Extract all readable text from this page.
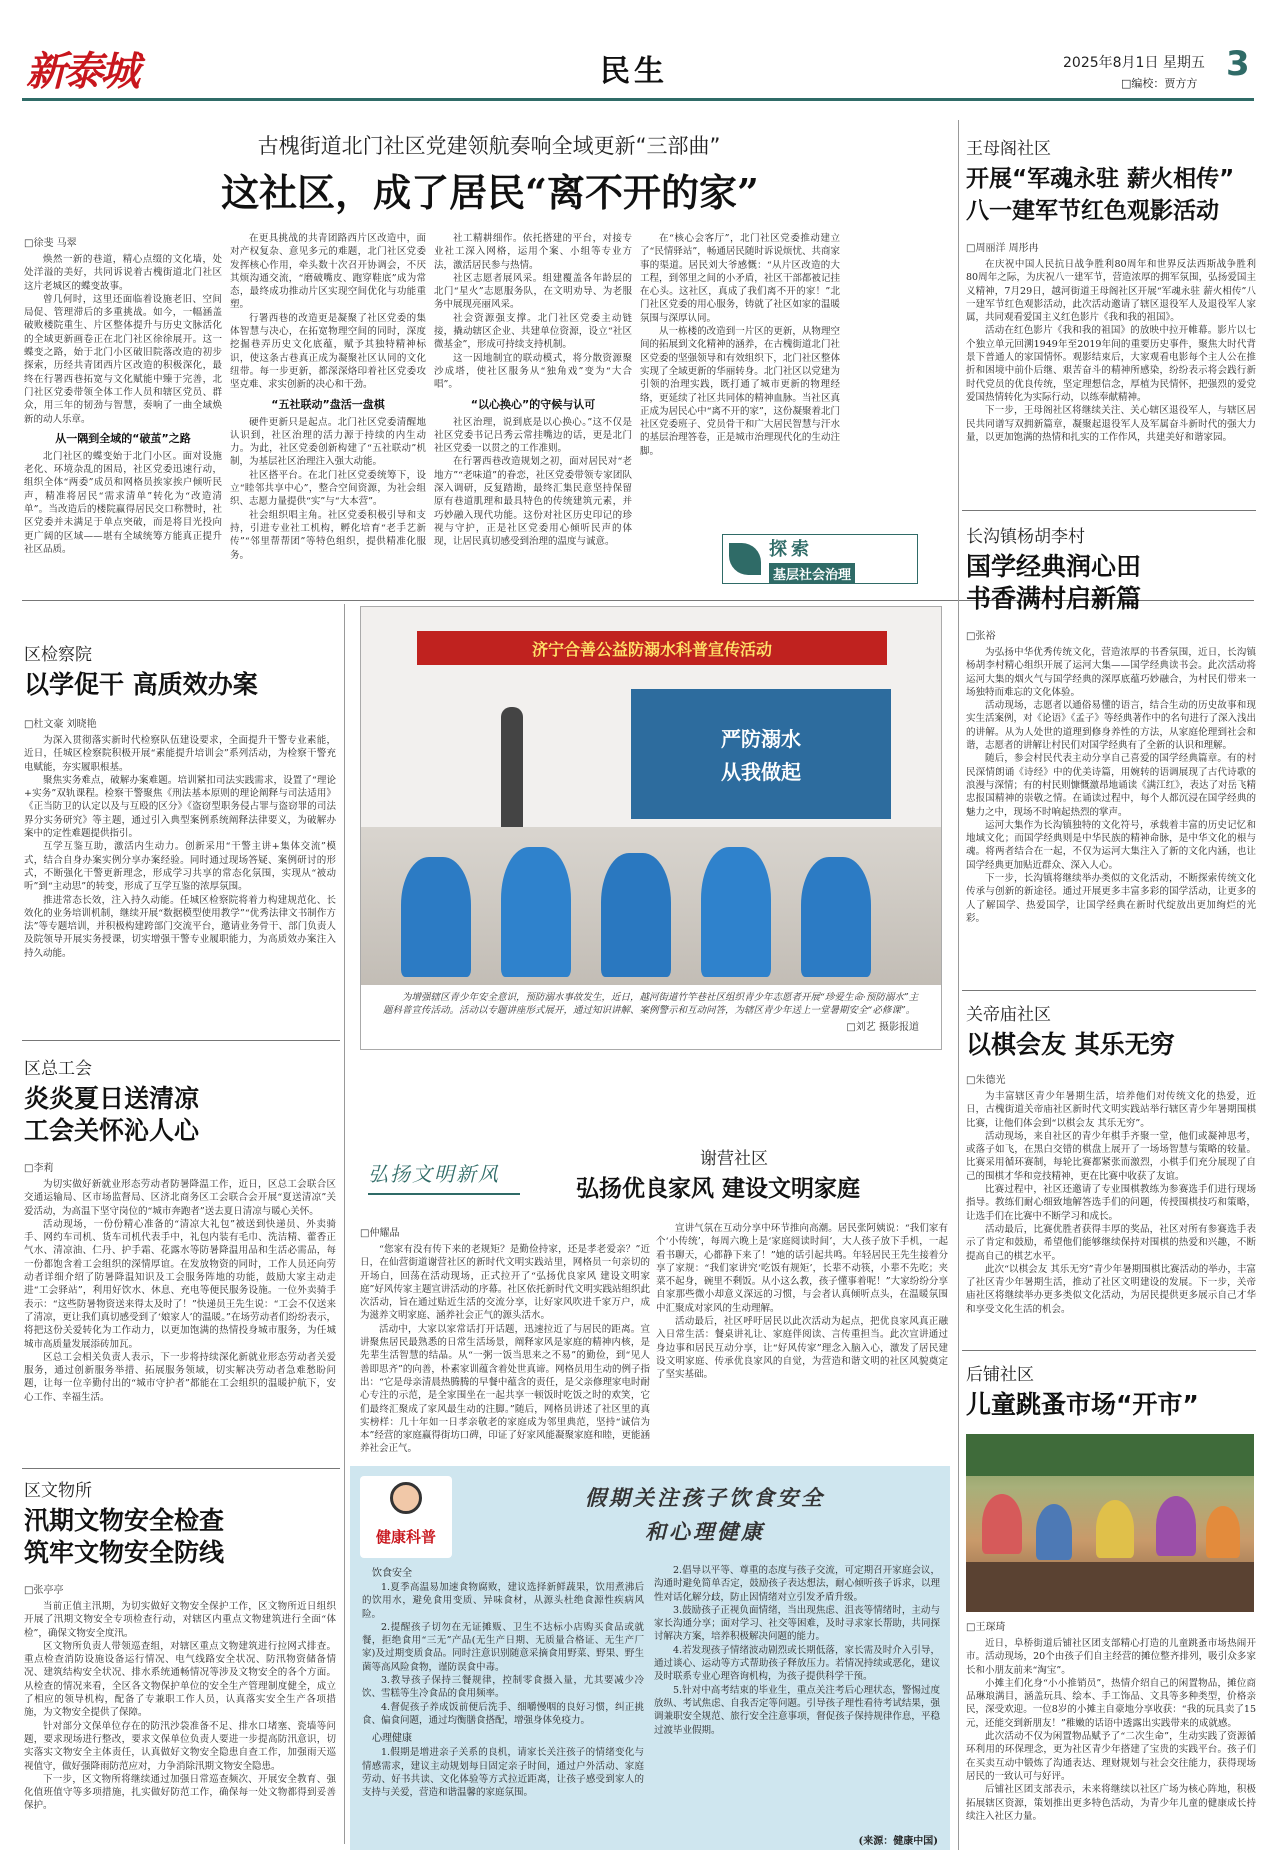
新泰城	民生	2025年8月1日 星期五 3
□编校：贾方方
古槐街道北门社区党建领航奏响全域更新“三部曲”
这社区，成了居民“离不开的家”
□徐斐 马翠

焕然一新的巷道，精心点缀的文化墙，处处洋溢的美好，共同诉说着古槐街道北门社区这片老城区的蝶变故事。

曾几何时，这里还面临着设施老旧、空间局促、管理滞后的多重挑战。如今，一幅涵盖破败楼院重生、片区整体提升与历史文脉活化的全域更新画卷正在北门社区徐徐展开。这一蝶变之路，始于北门小区破旧院落改造的初步探索，历经共青团西片区改造的积极深化，最终在行署西巷拓宽与文化赋能中臻于完善，北门社区党委带领全体工作人员和辖区党员、群众，用三年的韧劲与智慧，奏响了一曲全域焕新的动人乐章。

从一隅到全域的“破茧”之路

北门社区的蝶变始于北门小区。面对设施老化、环境杂乱的困局，社区党委迅速行动，组织全体“两委”成员和网格员挨家挨户倾听民声，精准将居民“需求清单”转化为“改造清单”。当改造后的楼院赢得居民交口称赞时，社区党委并未满足于单点突破，而是将目光投向更广阔的区域——堪有全域统筹方能真正提升社区品质。

在更具挑战的共青团路西片区改造中，面对产权复杂、意见多元的难题，北门社区党委发挥核心作用，牵头数十次召开协调会，不厌其烦沟通交流，“磨破嘴皮、跑穿鞋底”成为常态，最终成功推动片区实现空间优化与功能重塑。

行署西巷的改造更是凝聚了社区党委的集体智慧与决心，在拓宽物理空间的同时，深度挖掘巷弄历史文化底蕴，赋予其独特精神标识，使这条古巷真正成为凝聚社区认同的文化纽带。每一步更新，都深深烙印着社区党委攻坚克难、求实创新的决心和干劲。

“五社联动”盘活一盘棋

硬件更新只是起点。北门社区党委清醒地认识到，社区治理的活力源于持续的内生动力。为此，社区党委创新构建了“五社联动”机制，为基层社区治理注入强大动能。

社区搭平台。在北门社区党委统筹下，设立“睦邻共享中心”，整合空间资源，为社会组织、志愿力量提供“实”与“大本营”。

社会组织唱主角。社区党委积极引导和支持，引进专业社工机构，孵化培育“老手艺新传”“邻里帮帮团”等特色组织，提供精准化服务。

社工精耕细作。依托搭建的平台，对接专业社工深入网格，运用个案、小组等专业方法，激活居民参与热情。

社区志愿者展风采。组建覆盖各年龄层的北门“星火”志愿服务队，在文明劝导、为老服务中展现亮丽风采。

社会资源强支撑。北门社区党委主动链接，撬动辖区企业、共建单位资源，设立“社区微基金”，形成可持续支持机制。

这一因地制宜的联动模式，将分散资源聚沙成塔，使社区服务从“独角戏”变为“大合唱”。

“以心换心”的守候与认可

社区治理，说到底是以心换心。”这不仅是社区党委书记吕秀云常挂嘴边的话，更是北门社区党委一以贯之的工作准则。

在行署西巷改造规划之初，面对居民对“老地方”“老味道”的眷恋，社区党委带领专家团队深入调研，反复踏勘，最终汇集民意坚持保留原有巷道肌理和最具特色的传统建筑元素，并巧妙融入现代功能。这份对社区历史印记的珍视与守护，正是社区党委用心倾听民声的体现，让居民真切感受到治理的温度与诚意。

在“核心会客厅”，北门社区党委推动建立了“民情驿站”，畅通居民随时诉说烦忧、共商家事的渠道。居民刘大爷感慨：“从片区改造的大工程，到邻里之间的小矛盾，社区干部都被记挂在心头。这社区，真成了我们离不开的家！”北门社区党委的用心服务，铸就了社区如家的温暖氛围与深厚认同。

从一栋楼的改造到一片区的更新，从物理空间的拓展到文化精神的涵养，在古槐街道北门社区党委的坚强领导和有效组织下，北门社区整体实现了全域更新的华丽转身。北门社区以党建为引领的治理实践，既打通了城市更新的物理经络，更延续了社区共同体的精神血脉。当社区真正成为居民心中“离不开的家”，这份凝聚着北门社区党委班子、党员骨干和广大居民智慧与汗水的基层治理答卷，正是城市治理现代化的生动注脚。

探索
基层社会治理
王母阁社区
开展“军魂永驻 薪火相传”
八一建军节红色观影活动
□周丽洋 周彤冉

在庆祝中国人民抗日战争胜利80周年和世界反法西斯战争胜利80周年之际，为庆祝八一建军节，营造浓厚的拥军氛围，弘扬爱国主义精神，7月29日，越河街道王母阁社区开展“军魂永驻 薪火相传”八一建军节红色观影活动，此次活动邀请了辖区退役军人及退役军人家属，共同观看爱国主义红色影片《我和我的祖国》。

活动在红色影片《我和我的祖国》的放映中拉开帷幕。影片以七个独立单元回溯1949年至2019年间的重要历史事件，聚焦大时代背景下普通人的家国情怀。观影结束后，大家观看电影每个主人公在推折和困境中前仆后继、艰苦奋斗的精神所感染，纷纷表示将会践行新时代党员的优良传统，坚定理想信念，厚植为民情怀，把强烈的爱党爱国热情转化为实际行动，以练奉献精神。

下一步，王母阁社区将继续关注、关心辖区退役军人，与辖区居民共同谱写双拥新篇章，凝聚起退役军人及军属奋斗新时代的强大力量，以更加饱满的热情和扎实的工作作风，共建美好和谐家园。

长沟镇杨胡李村
国学经典润心田
书香满村启新篇
□张裕

为弘扬中华优秀传统文化，营造浓厚的书香氛围，近日，长沟镇杨胡李村精心组织开展了运河大集——国学经典读书会。此次活动将运河大集的烟火气与国学经典的深厚底蕴巧妙融合，为村民们带来一场独特而难忘的文化体验。

活动现场，志愿者以通俗易懂的语言，结合生动的历史故事和现实生活案例，对《论语》《孟子》等经典著作中的名句进行了深入浅出的讲解。从为人处世的道理到修身养性的方法，从家庭伦理到社会和谐，志愿者的讲解让村民们对国学经典有了全新的认识和理解。

随后，参会村民代表主动分享自己喜爱的国学经典篇章。有的村民深情朗诵《诗经》中的优美诗篇，用婉转的语调展现了古代诗歌的浪漫与深情；有的村民则慷慨激昂地诵读《满江红》，表达了对岳飞精忠报国精神的崇敬之情。在诵读过程中，每个人都沉浸在国学经典的魅力之中，现场不时响起热烈的掌声。

运河大集作为长沟镇独特的文化符号，承载着丰富的历史记忆和地域文化；而国学经典则是中华民族的精神命脉，是中华文化的根与魂。将两者结合在一起，不仅为运河大集注入了新的文化内涵，也让国学经典更加贴近群众、深入人心。

下一步，长沟镇将继续举办类似的文化活动，不断探索传统文化传承与创新的新途径。通过开展更多丰富多彩的国学活动，让更多的人了解国学、热爱国学，让国学经典在新时代绽放出更加绚烂的光彩。

关帝庙社区
以棋会友 其乐无穷
□朱德光

为丰富辖区青少年暑期生活，培养他们对传统文化的热爱，近日，古槐街道关帝庙社区新时代文明实践站举行辖区青少年暑期围棋比赛，让他们体会到“以棋会友 其乐无穷”。

活动现场，来自社区的青少年棋手齐聚一堂，他们或凝神思考，或落子如飞，在黑白交错的棋盘上展开了一场场智慧与策略的较量。比赛采用循环赛制，每轮比赛都紧张而激烈，小棋手们充分展现了自己的围棋才华和竞技精神，更在比赛中收获了友谊。

比赛过程中，社区还邀请了专业围棋教练为参赛选手们进行现场指导。教练们耐心细致地解答选手们的问题，传授围棋技巧和策略，让选手们在比赛中不断学习和成长。

活动最后，比赛优胜者获得丰厚的奖品，社区对所有参赛选手表示了肯定和鼓励，希望他们能够继续保持对围棋的热爱和兴趣，不断提高自己的棋艺水平。

此次“以棋会友 其乐无穷”青少年暑期围棋比赛活动的举办，丰富了社区青少年暑期生活，推动了社区文明建设的发展。下一步，关帝庙社区将继续举办更多类似文化活动，为居民提供更多展示自己才华和享受文化生活的机会。

后铺社区
儿童跳蚤市场“开市”
□王琛琦

近日，阜桥街道后铺社区团支部精心打造的儿童跳蚤市场热闹开市。活动现场，20个由孩子们自主经营的摊位整齐排列，吸引众多家长和小朋友前来“淘宝”。

小摊主们化身“小小推销员”，热情介绍自己的闲置物品，摊位商品琳琅满目，涵盖玩具、绘本、手工饰品、文具等多种类型，价格亲民，深受欢迎。一位8岁的小摊主自豪地分享收获：“我的玩具卖了15元，还能交到新朋友！”稚嫩的话语中透露出实践带来的成就感。

此次活动不仅为闲置物品赋予了“二次生命”，生动实践了资源循环利用的环保理念，更为社区青少年搭建了宝贵的实践平台。孩子们在买卖互动中锻炼了沟通表达、理财规划与社会交往能力，获得现场居民的一致认可与好评。

后铺社区团支部表示，未来将继续以社区广场为核心阵地，积极拓展辖区资源，策划推出更多特色活动，为青少年儿童的健康成长持续注入社区力量。

区检察院
以学促干 高质效办案
□杜文豪 刘晓艳

为深入贯彻落实新时代检察队伍建设要求，全面提升干警专业素能，近日，任城区检察院积极开展“素能提升培训会”系列活动，为检察干警充电赋能，夯实履职根基。

聚焦实务难点，破解办案难题。培训紧扣司法实践需求，设置了“理论+实务”双轨课程。检察干警聚焦《刑法基本原则的理论阐释与司法适用》《正当防卫的认定以及与互殴的区分》《盗窃型职务侵占罪与盗窃罪的司法界分实务研究》等主题，通过引入典型案例系统阐释法律要义，为破解办案中的定性难题提供指引。

互学互鉴互助，激活内生动力。创新采用“干警主讲+集体交流”模式，结合自身办案实例分享办案经验。同时通过现场答疑、案例研讨的形式，不断强化干警更新理念，形成学习共享的常态化氛围，实现从“被动听”到“主动思”的转变，形成了互学互鉴的浓厚氛围。

推进常态长效，注入持久动能。任城区检察院将着力构建规范化、长效化的业务培训机制，继续开展“数据模型使用教学”“优秀法律文书制作方法”等专题培训，并积极构建跨部门交流平台，邀请业务骨干、部门负责人及院领导开展实务授课，切实增强干警专业履职能力，为高质效办案注入持久动能。

区总工会
炎炎夏日送清凉
工会关怀沁人心
□李莉

为切实做好新就业形态劳动者防暑降温工作，近日，区总工会联合区交通运输局、区市场监督局、区济北商务区工会联合会开展“夏送清凉”关爱活动，为高温下坚守岗位的“城市奔跑者”送去夏日清凉与暖心关怀。

活动现场，一份份精心准备的“清凉大礼包”被送到快递员、外卖骑手、网约车司机、货车司机代表手中，礼包内装有毛巾、洗洁精、藿香正气水、清凉油、仁丹、护手霜、花露水等防暑降温用品和生活必需品，每一份都饱含着工会组织的深情厚谊。在发放物资的同时，工作人员还向劳动者详细介绍了防暑降温知识及工会服务阵地的功能，鼓励大家主动走进“工会驿站”，利用好饮水、休息、充电等便民服务设施。一位外卖骑手表示：“这些防暑物资送来得太及时了！”快递员王先生说：“工会不仅送来了清凉，更让我们真切感受到了‘娘家人’的温暖。”在场劳动者们纷纷表示，将把这份关爱转化为工作动力，以更加饱满的热情投身城市服务，为任城城市高质量发展添砖加瓦。

区总工会相关负责人表示，下一步将持续深化新就业形态劳动者关爱服务，通过创新服务举措、拓展服务领域，切实解决劳动者急难愁盼问题，让每一位辛勤付出的“城市守护者”都能在工会组织的温暖护航下，安心工作、幸福生活。

区文物所
汛期文物安全检查
筑牢文物安全防线
□张亭亭

当前正值主汛期，为切实做好文物安全保护工作，区文物所近日组织开展了汛期文物安全专项检查行动，对辖区内重点文物建筑进行全面“体检”，确保文物安全度汛。

区文物所负责人带领巡查组，对辖区重点文物建筑进行拉网式排查。重点检查消防设施设备运行情况、电气线路安全状况、防汛物资储备情况、建筑结构安全状况、排水系统通畅情况等涉及文物安全的各个方面。从检查的情况来看，全区各文物保护单位的安全生产管理制度健全，成立了相应的领导机构，配备了专兼职工作人员，认真落实安全生产各项措施，为文物安全提供了保障。

针对部分文保单位存在的防汛沙袋准备不足、排水口堵塞、瓷墙等问题，要求现场进行整改，要求文保单位负责人要进一步提高防汛意识，切实落实文物安全主体责任，认真做好文物安全隐患自查工作，加强雨天巡视值守，做好强降雨防范应对，力争消除汛期文物安全隐患。

下一步，区文物所将继续通过加强日常巡查频次、开展安全教育、强化值班值守等多项措施，扎实做好防范工作，确保每一处文物都得到妥善保护。

济宁合善公益防溺水科普宣传活动
严防溺水
从我做起
为增强辖区青少年安全意识，预防溺水事故发生，近日，越河街道竹竿巷社区组织青少年志愿者开展“珍爱生命·预防溺水”主题科普宣传活动。活动以专题讲座形式展开，通过知识讲解、案例警示和互动问答，为辖区青少年送上一堂暑期安全“必修课”。
□刘艺 摄影报道
弘扬文明新风
谢营社区
弘扬优良家风 建设文明家庭
□仲耀晶

“您家有没有传下来的老规矩？是勤俭持家，还是孝老爱亲？”近日，在仙营街道谢营社区的新时代文明实践站里，网格员一句亲切的开场白，回荡在活动现场，正式拉开了“弘扬优良家风 建设文明家庭”好风传家主题宣讲活动的序幕。社区依托新时代文明实践站组织此次活动，旨在通过贴近生活的交流分享，让好家风吹进千家万户，成为滋养文明家庭、涵养社会正气的源头活水。

活动中，大家以家常话打开话题，迅速拉近了与居民的距离。宣讲聚焦居民最熟悉的日常生活场景，阐释家风是家庭的精神内核，是先辈生活智慧的结晶。从“一粥一饭当思来之不易”的勤俭，到“见人善即思齐”的向善，朴素家训蕴含着处世真谛。网格员用生动的例子指出：“它是母亲清晨热腾腾的早餐中蕴含的责任，是父亲修理家电时耐心专注的示范，是全家围坐在一起共享一顿饭时吃饭之时的欢笑，它们最终汇聚成了家风最生动的注脚。”随后，网格员讲述了社区里的真实榜样：几十年如一日孝亲敬老的家庭成为邻里典范，坚持“诚信为本”经营的家庭赢得街坊口碑，印证了好家风能凝聚家庭和睦，更能涵养社会正气。

宣讲气氛在互动分享中环节推向高潮。居民张阿姨说：“我们家有个‘小传统’，每周六晚上是‘家庭阅读时间’，大人孩子放下手机，一起看书聊天，心都静下来了！”她的话引起共鸣。年轻居民王先生接着分享了家规：“我们家讲究‘吃饭有规矩’，长辈不动筷，小辈不先吃；夹菜不起身，碗里不剩饭。从小这么教，孩子懂事着呢！”大家纷纷分享自家那些微小却意义深远的习惯，与会者认真倾听点头，在温暖氛围中汇聚成对家风的生动理解。

活动最后，社区呼吁居民以此次活动为起点，把优良家风真正融入日常生活：餐桌讲礼让、家庭伴阅读、言传重担当。此次宣讲通过身边事和居民互动分享，让“好风传家”理念入脑入心，激发了居民建设文明家庭、传承优良家风的自觉，为营造和谐文明的社区风貌奠定了坚实基础。

健康科普
假期关注孩子饮食安全
和心理健康
饮食安全

1.夏季高温易加速食物腐败，建议选择新鲜蔬果，饮用煮沸后的饮用水，避免食用变质、异味食材，从源头杜绝食源性疾病风险。

2.提醒孩子切勿在无证摊贩、卫生不达标小店购买食品或就餐，拒绝食用“三无”产品(无生产日期、无质量合格证、无生产厂家)及过期变质食品。同时注意识别随意采摘食用野菜、野果、野生菌等高风险食物，谨防误食中毒。

3.教导孩子保持三餐规律，控制零食摄入量，尤其要减少冷饮、雪糕等生冷食品的食用频率。

4.督促孩子养成饭前便后洗手、细嚼慢咽的良好习惯，纠正挑食、偏食问题，通过均衡膳食搭配，增强身体免疫力。

心理健康

1.假期是增进亲子关系的良机，请家长关注孩子的情绪变化与情感需求，建议主动规划每日固定亲子时间，通过户外活动、家庭劳动、好书共读、文化体验等方式拉近距离，让孩子感受到家人的支持与关爱，营造和谐温馨的家庭氛围。

2.倡导以平等、尊重的态度与孩子交流，可定期召开家庭会议，沟通时避免简单否定，鼓励孩子表达想法，耐心倾听孩子诉求，以理性对话化解分歧，防止因情绪对立引发矛盾升级。

3.鼓励孩子正视负面情绪，当出现焦虑、沮丧等情绪时，主动与家长沟通分享；面对学习、社交等困难，及时寻求家长帮助，共同探讨解决方案，培养积极解决问题的能力。

4.若发现孩子情绪波动剧烈或长期低落，家长需及时介入引导，通过谈心、运动等方式帮助孩子释放压力。若情况持续或恶化，建议及时联系专业心理咨询机构，为孩子提供科学干预。

5.针对中高考结束的毕业生，重点关注考后心理状态，警惕过度放纵、考试焦虑、自我否定等问题。引导孩子理性看待考试结果，强调兼职安全规范、旅行安全注意事项，督促孩子保持规律作息，平稳过渡毕业假期。

(来源：健康中国)
